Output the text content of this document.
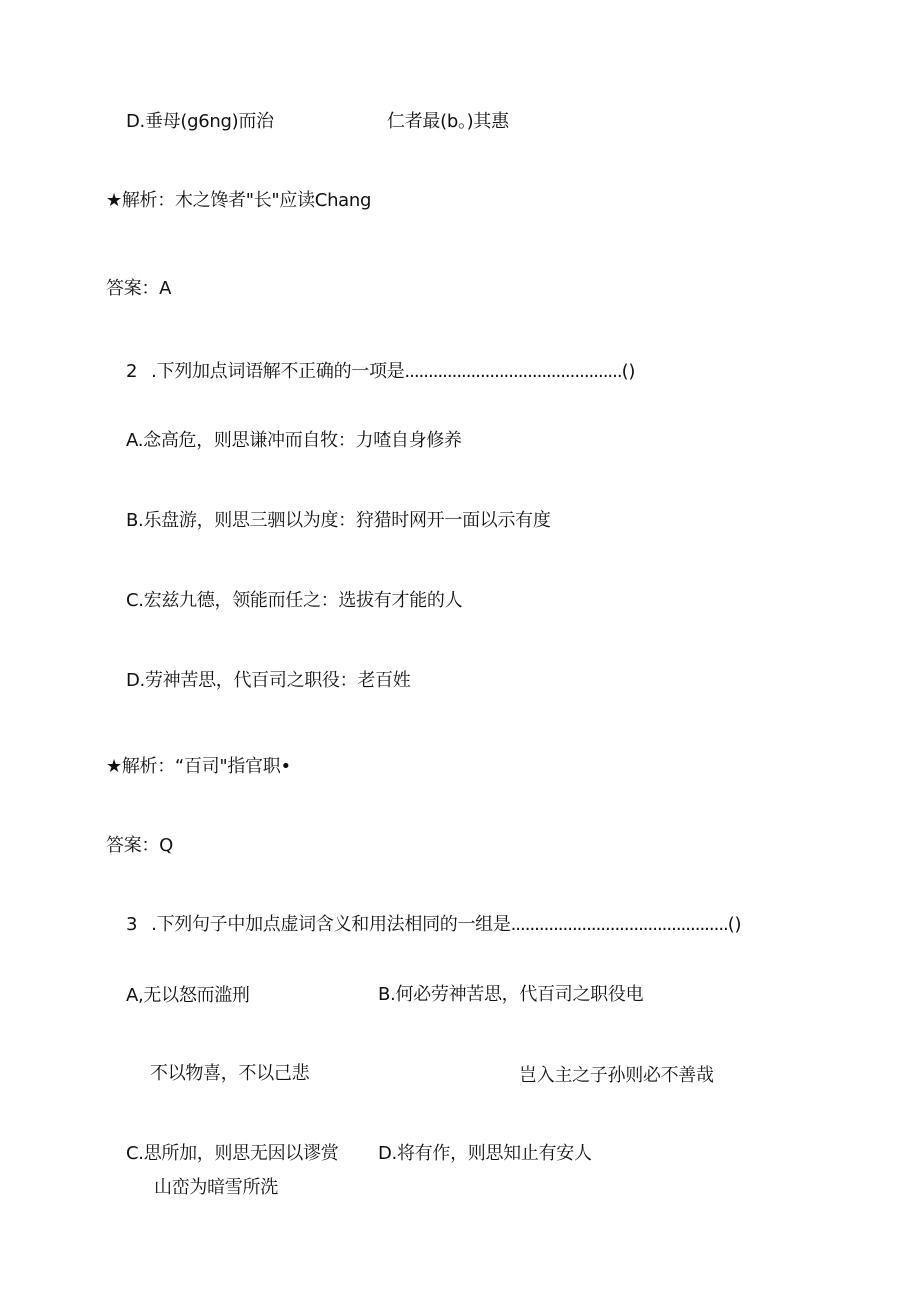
D.垂母(g6ng)而治	仁者最(b。)其惠
★解析：木之馋者"长"应读Chang
答案：A
2 .下列加点词语解不正确的一项是..............................................()
A.念高危，则思谦冲而自牧：力喳自身修养
B.乐盘游，则思三驷以为度：狩猎时网开一面以示有度
C.宏兹九德，领能而任之：选拔有才能的人
D.劳神苦思，代百司之职役：老百姓
★解析：“百司"指官职•
答案：Q
3 .下列句子中加点虚词含义和用法相同的一组是..............................................()
A,无以怒而滥刑	B.何必劳神苦思，代百司之职役电
不以物喜，不以己悲	岂入主之子孙则必不善哉
C.思所加，则思无因以谬赏	D.将有作，则思知止有安人
山峦为暗雪所洗
